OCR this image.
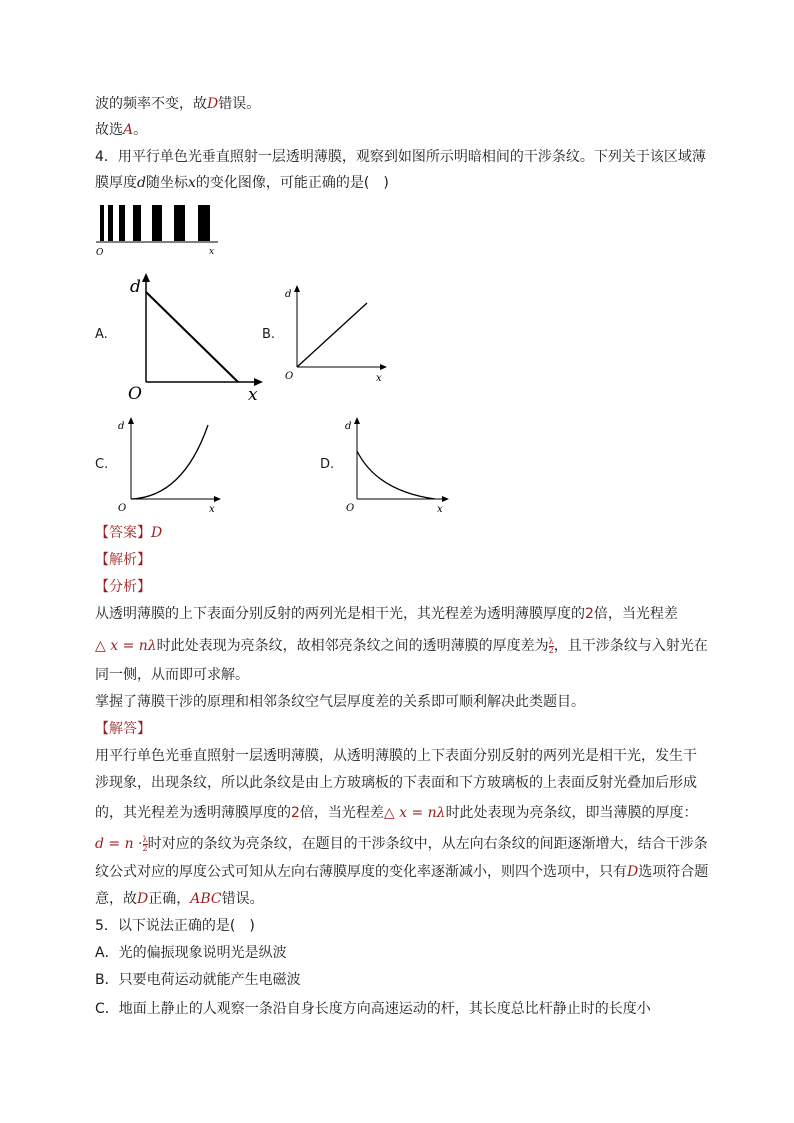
波的频率不变，故D错误。
故选A。
4．用平行单色光垂直照射一层透明薄膜，观察到如图所示明暗相间的干涉条纹。下列关于该区域薄
膜厚度d随坐标x的变化图像，可能正确的是(　)
O	x
A.
d
O	x
B.
d
O	x
C.
d
O	x
D.
d
O	x
【答案】D
【解析】
【分析】
从透明薄膜的上下表面分别反射的两列光是相干光，其光程差为透明薄膜厚度的2倍，当光程差
△ x = nλ时此处表现为亮条纹，故相邻亮条纹之间的透明薄膜的厚度差为 $\frac{\lambda}{2}$ ，且干涉条纹与入射光在
同一侧，从而即可求解。
掌握了薄膜干涉的原理和相邻条纹空气层厚度差的关系即可顺利解决此类题目。
【解答】
用平行单色光垂直照射一层透明薄膜，从透明薄膜的上下表面分别反射的两列光是相干光，发生干
涉现象，出现条纹，所以此条纹是由上方玻璃板的下表面和下方玻璃板的上表面反射光叠加后形成
的，其光程差为透明薄膜厚度的2倍，当光程差△ x = nλ时此处表现为亮条纹，即当薄膜的厚度：
$d = n \cdot \frac{\lambda}{2}$ 时对应的条纹为亮条纹，在题目的干涉条纹中，从左向右条纹的间距逐渐增大，结合干涉条
纹公式对应的厚度公式可知从左向右薄膜厚度的变化率逐渐减小，则四个选项中，只有D选项符合题
意，故D正确，ABC错误。
5．以下说法正确的是(　)
A．光的偏振现象说明光是纵波
B．只要电荷运动就能产生电磁波
C．地面上静止的人观察一条沿自身长度方向高速运动的杆，其长度总比杆静止时的长度小
